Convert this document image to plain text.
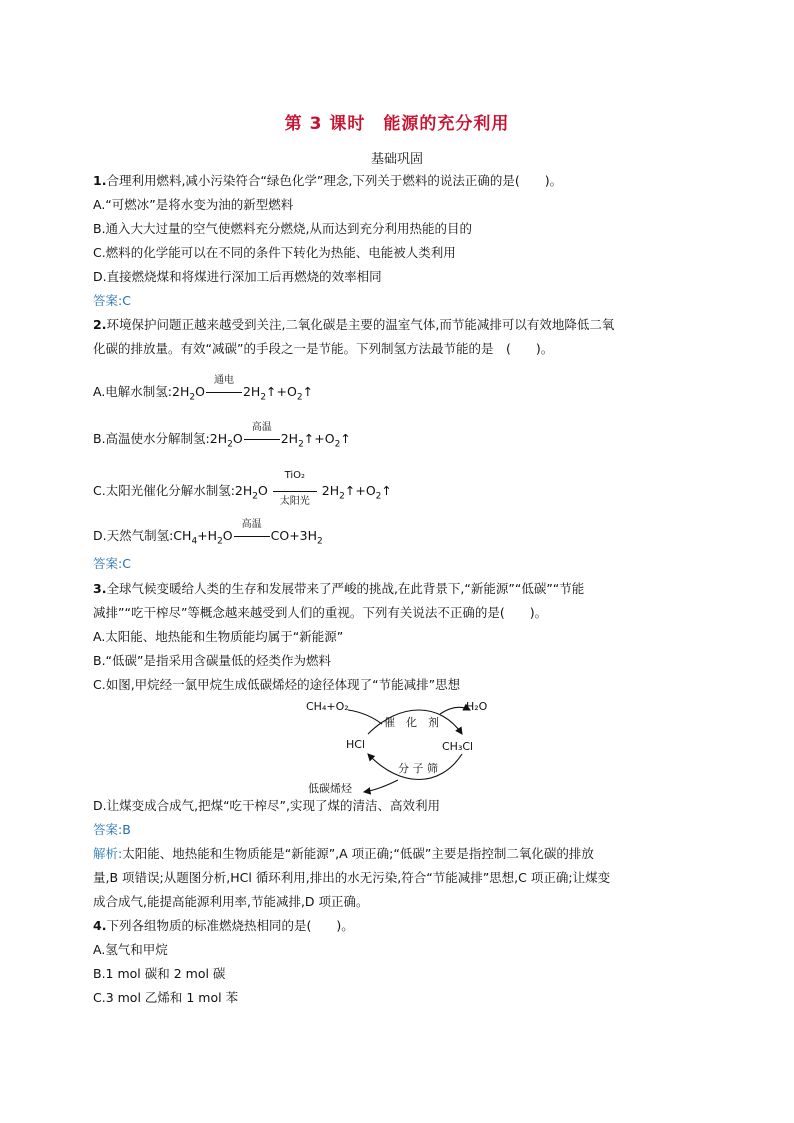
第 3 课时　能源的充分利用
基础巩固
1.合理利用燃料,减小污染符合“绿色化学”理念,下列关于燃料的说法正确的是(　　)。
A.“可燃冰”是将水变为油的新型燃料
B.通入大大过量的空气使燃料充分燃烧,从而达到充分利用热能的目的
C.燃料的化学能可以在不同的条件下转化为热能、电能被人类利用
D.直接燃烧煤和将煤进行深加工后再燃烧的效率相同
答案:C
2.环境保护问题正越来越受到关注,二氧化碳是主要的温室气体,而节能减排可以有效地降低二氧
化碳的排放量。有效“减碳”的手段之一是节能。下列制氢方法最节能的是　(　　)。
A.电解水制氢$:2H_2O$
通电
$2H_2↑+O_2↑$
B.高温使水分解制氢$:2H_2O$
高温
$2H_2↑+O_2↑$
C.太阳光催化分解水制氢$:2H_2O$
TiO₂
太阳光
$2H_2↑+O_2↑$
D.天然气制氢$:CH_4+H_2O$
高温
$CO+3H_2$
答案:C
3.全球气候变暖给人类的生存和发展带来了严峻的挑战,在此背景下,“新能源”“低碳”“节能
减排”“吃干榨尽”等概念越来越受到人们的重视。下列有关说法不正确的是(　　)。
A.太阳能、地热能和生物质能均属于“新能源”
B.“低碳”是指采用含碳量低的烃类作为燃料
C.如图,甲烷经一氯甲烷生成低碳烯烃的途径体现了“节能减排”思想
CH₄+O₂
催　化　剂
H₂O
HCl	CH₃Cl
分 子 筛
低碳烯烃
D.让煤变成合成气,把煤“吃干榨尽”,实现了煤的清洁、高效利用
答案:B
解析:太阳能、地热能和生物质能是“新能源”,A 项正确;“低碳”主要是指控制二氧化碳的排放
量,B 项错误;从题图分析,HCl 循环利用,排出的水无污染,符合“节能减排”思想,C 项正确;让煤变
成合成气,能提高能源利用率,节能减排,D 项正确。
4.下列各组物质的标准燃烧热相同的是(　　)。
A.氢气和甲烷
B.1 mol 碳和 2 mol 碳
C.3 mol 乙烯和 1 mol 苯
